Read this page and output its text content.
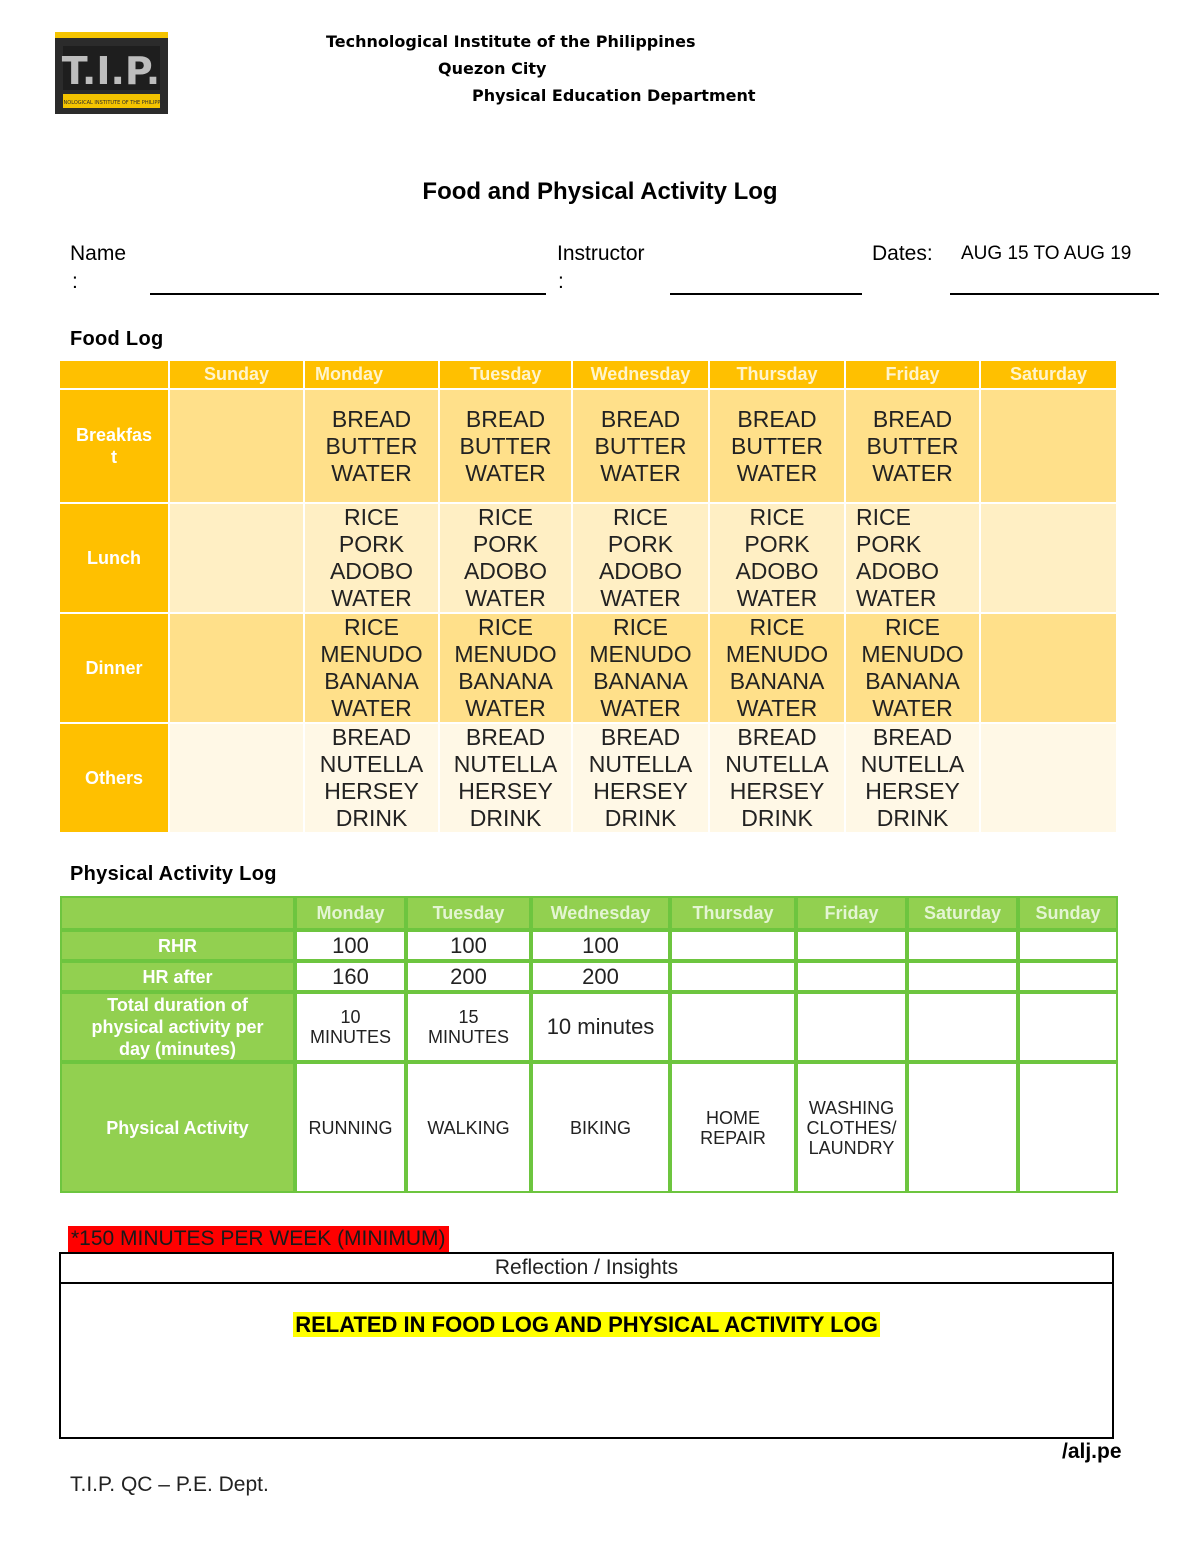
T.I.P.
TECHNOLOGICAL INSTITUTE OF THE PHILIPPINES
Technological Institute of the Philippines
Quezon City
Physical Education Department
Food and Physical Activity Log
Name
:
Instructor
:
Dates: AUG 15 TO AUG 19
Food Log
	Sunday	Monday	Tuesday	Wednesday	Thursday	Friday	Saturday

Breakfas t		BREAD BUTTER WATER	BREAD BUTTER WATER	BREAD BUTTER WATER	BREAD BUTTER WATER	BREAD BUTTER WATER	

Lunch		RICE PORK ADOBO WATER	RICE PORK ADOBO WATER	RICE PORK ADOBO WATER	RICE PORK ADOBO WATER	RICE PORK ADOBO WATER	

Dinner		RICE MENUDO BANANA WATER	RICE MENUDO BANANA WATER	RICE MENUDO BANANA WATER	RICE MENUDO BANANA WATER	RICE MENUDO BANANA WATER	

Others		BREAD NUTELLA HERSEY DRINK	BREAD NUTELLA HERSEY DRINK	BREAD NUTELLA HERSEY DRINK	BREAD NUTELLA HERSEY DRINK	BREAD NUTELLA HERSEY DRINK	

Physical Activity Log
	Monday	Tuesday	Wednesday	Thursday	Friday	Saturday	Sunday
RHR	100	100	100				
HR after	160	200	200				

Total duration of physical activity per day (minutes)	10 MINUTES	15 MINUTES	10 minutes				
Physical Activity	RUNNING	WALKING	BIKING	HOME REPAIR	WASHING CLOTHES/ LAUNDRY		

*150 MINUTES PER WEEK (MINIMUM)
Reflection / Insights
RELATED IN FOOD LOG AND PHYSICAL ACTIVITY LOG
/alj.pe
T.I.P. QC – P.E. Dept.
